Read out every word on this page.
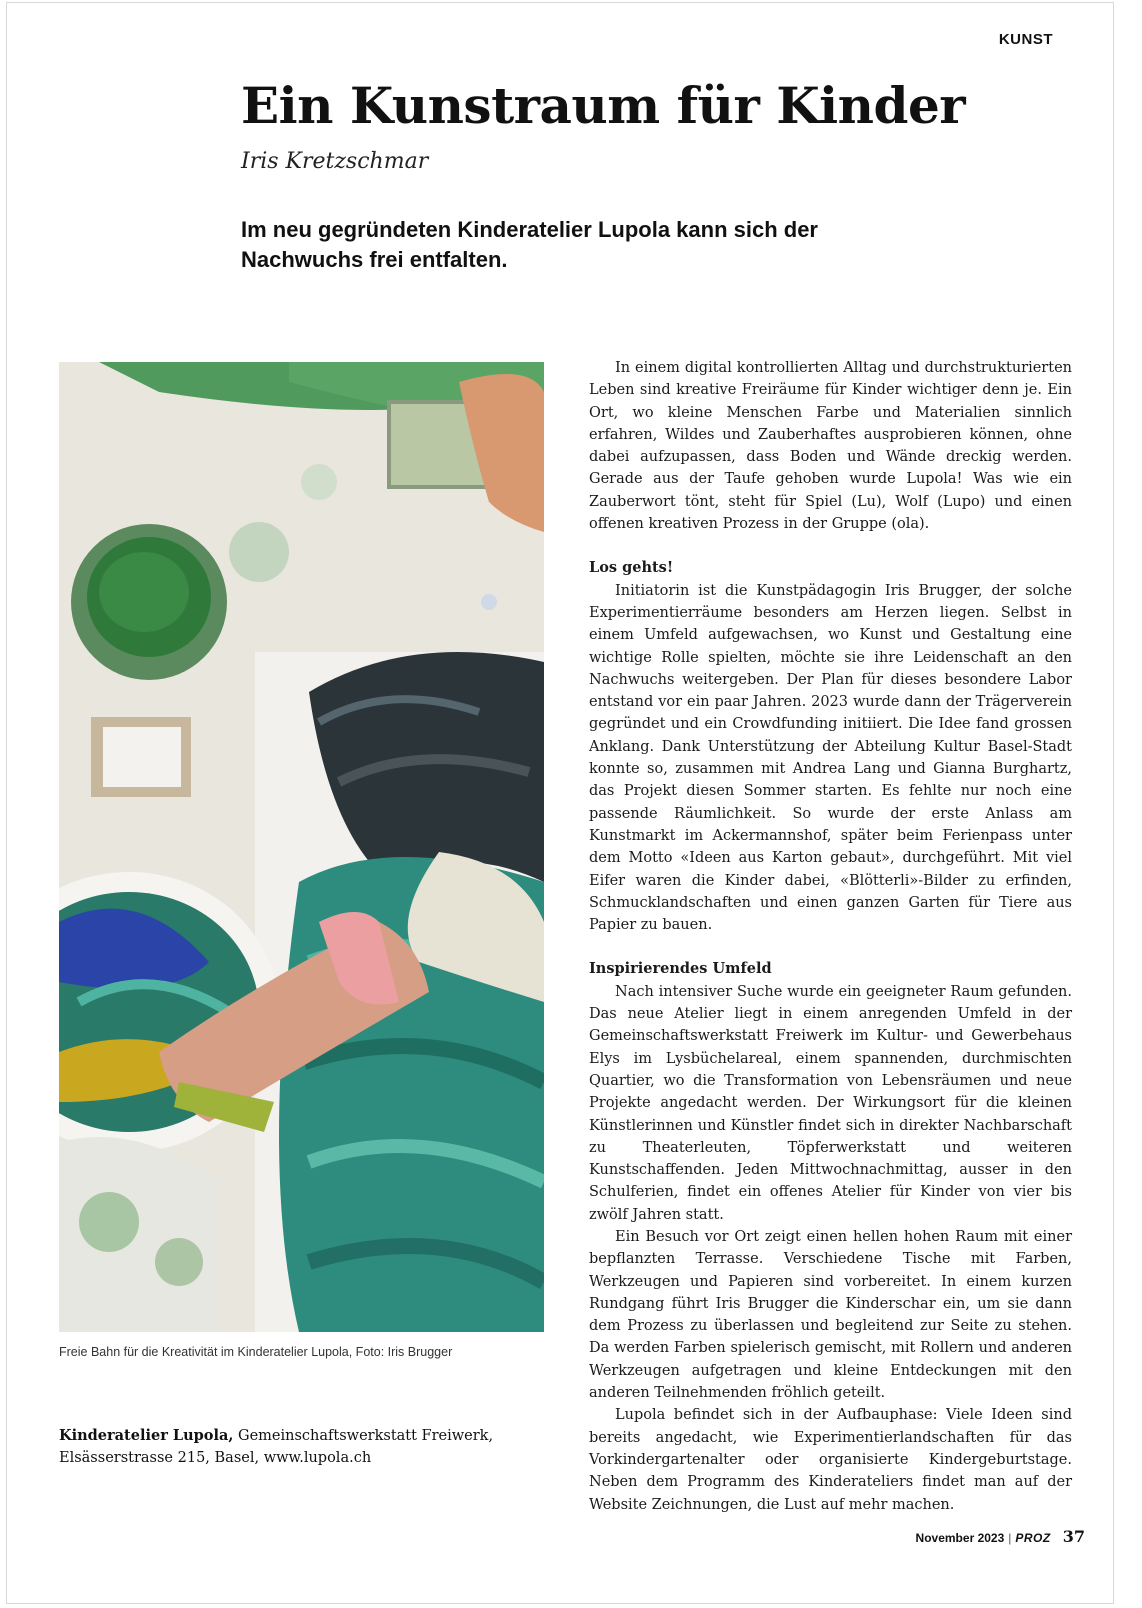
KUNST
Ein Kunstraum für Kinder
Iris Kretzschmar

Im neu gegründeten Kinderatelier Lupola kann sich der Nachwuchs frei entfalten.

Freie Bahn für die Kreativität im Kinderatelier Lupola, Foto: Iris Brugger

Kinderatelier Lupola, Gemeinschaftswerkstatt Freiwerk,
Elsässerstrasse 215, Basel, www.lupola.ch

In einem digital kontrollierten Alltag und durchstrukturierten Leben sind kreative Freiräume für Kinder wichtiger denn je. Ein Ort, wo kleine Menschen Farbe und Materialien sinnlich erfahren, Wildes und Zauberhaftes ausprobieren können, ohne dabei aufzupassen, dass Boden und Wände dreckig werden. Gerade aus der Taufe gehoben wurde Lupola! Was wie ein Zauberwort tönt, steht für Spiel (Lu), Wolf (Lupo) und einen offenen kreativen Prozess in der Gruppe (ola).

Los gehts!

Initiatorin ist die Kunstpädagogin Iris Brugger, der solche Experimentierräume besonders am Herzen liegen. Selbst in einem Umfeld aufgewachsen, wo Kunst und Gestaltung eine wichtige Rolle spielten, möchte sie ihre Leidenschaft an den Nachwuchs weitergeben. Der Plan für dieses besondere Labor entstand vor ein paar Jahren. 2023 wurde dann der Trägerverein gegründet und ein Crowdfunding initiiert. Die Idee fand grossen Anklang. Dank Unterstützung der Abteilung Kultur Basel-Stadt konnte so, zusammen mit Andrea Lang und Gianna Burghartz, das Projekt diesen Sommer starten. Es fehlte nur noch eine passende Räumlichkeit. So wurde der erste Anlass am Kunstmarkt im Ackermannshof, später beim Ferienpass unter dem Motto «Ideen aus Karton gebaut», durchgeführt. Mit viel Eifer waren die Kinder dabei, «Blötterli»-Bilder zu erfinden, Schmucklandschaften und einen ganzen Garten für Tiere aus Papier zu bauen.

Inspirierendes Umfeld

Nach intensiver Suche wurde ein geeigneter Raum gefunden. Das neue Atelier liegt in einem anregenden Umfeld in der Gemeinschaftswerkstatt Freiwerk im Kultur- und Gewerbehaus Elys im Lysbüchelareal, einem spannenden, durchmischten Quartier, wo die Transformation von Lebensräumen und neue Projekte angedacht werden. Der Wirkungsort für die kleinen Künstlerinnen und Künstler findet sich in direkter Nachbarschaft zu Theaterleuten, Töpferwerkstatt und weiteren Kunstschaffenden. Jeden Mittwochnachmittag, ausser in den Schulferien, findet ein offenes Atelier für Kinder von vier bis zwölf Jahren statt.

Ein Besuch vor Ort zeigt einen hellen hohen Raum mit einer bepflanzten Terrasse. Verschiedene Tische mit Farben, Werkzeugen und Papieren sind vorbereitet. In einem kurzen Rundgang führt Iris Brugger die Kinderschar ein, um sie dann dem Prozess zu überlassen und begleitend zur Seite zu stehen. Da werden Farben spielerisch gemischt, mit Rollern und anderen Werkzeugen aufgetragen und kleine Entdeckungen mit den anderen Teilnehmenden fröhlich geteilt.

Lupola befindet sich in der Aufbauphase: Viele Ideen sind bereits angedacht, wie Experimentierlandschaften für das Vorkindergartenalter oder organisierte Kindergeburtstage. Neben dem Programm des Kinderateliers findet man auf der Website Zeichnungen, die Lust auf mehr machen.

November 2023 | PROZ 37
